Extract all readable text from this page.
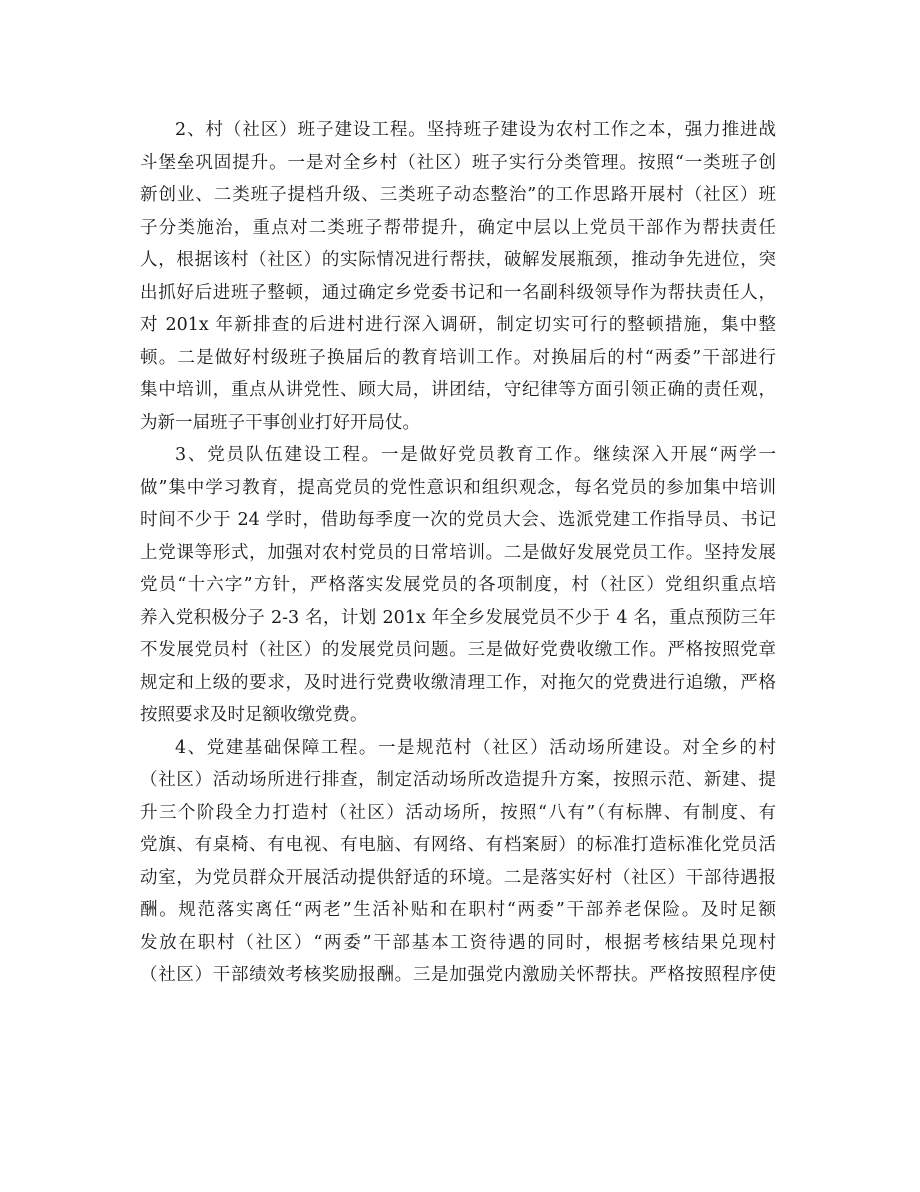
2、村（社区）班子建设工程。坚持班子建设为农村工作之本，强力推进战
斗堡垒巩固提升。一是对全乡村（社区）班子实行分类管理。按照“一类班子创
新创业、二类班子提档升级、三类班子动态整治”的工作思路开展村（社区）班
子分类施治，重点对二类班子帮带提升，确定中层以上党员干部作为帮扶责任
人，根据该村（社区）的实际情况进行帮扶，破解发展瓶颈，推动争先进位，突
出抓好后进班子整顿，通过确定乡党委书记和一名副科级领导作为帮扶责任人，
对 201x 年新排查的后进村进行深入调研，制定切实可行的整顿措施，集中整
顿。二是做好村级班子换届后的教育培训工作。对换届后的村“两委”干部进行
集中培训，重点从讲党性、顾大局，讲团结，守纪律等方面引领正确的责任观，
为新一届班子干事创业打好开局仗。
3、党员队伍建设工程。一是做好党员教育工作。继续深入开展“两学一
做”集中学习教育，提高党员的党性意识和组织观念，每名党员的参加集中培训
时间不少于 24 学时，借助每季度一次的党员大会、选派党建工作指导员、书记
上党课等形式，加强对农村党员的日常培训。二是做好发展党员工作。坚持发展
党员“十六字”方针，严格落实发展党员的各项制度，村（社区）党组织重点培
养入党积极分子 2-3 名，计划 201x 年全乡发展党员不少于 4 名，重点预防三年
不发展党员村（社区）的发展党员问题。三是做好党费收缴工作。严格按照党章
规定和上级的要求，及时进行党费收缴清理工作，对拖欠的党费进行追缴，严格
按照要求及时足额收缴党费。
4、党建基础保障工程。一是规范村（社区）活动场所建设。对全乡的村
（社区）活动场所进行排查，制定活动场所改造提升方案，按照示范、新建、提
升三个阶段全力打造村（社区）活动场所，按照“八有”（有标牌、有制度、有
党旗、有桌椅、有电视、有电脑、有网络、有档案厨）的标准打造标准化党员活
动室，为党员群众开展活动提供舒适的环境。二是落实好村（社区）干部待遇报
酬。规范落实离任“两老”生活补贴和在职村“两委”干部养老保险。及时足额
发放在职村（社区）“两委”干部基本工资待遇的同时，根据考核结果兑现村
（社区）干部绩效考核奖励报酬。三是加强党内激励关怀帮扶。严格按照程序使
